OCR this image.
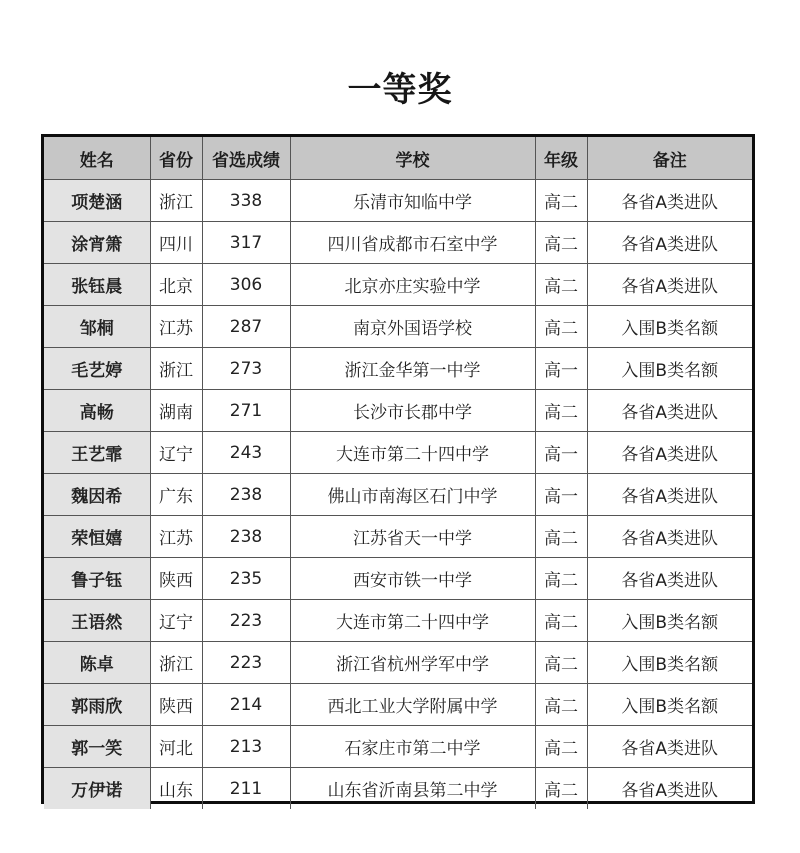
一等奖
姓名	省份	省选成绩	学校	年级	备注
项楚涵	浙江	338	乐清市知临中学	高二	各省A类进队
涂宵箫	四川	317	四川省成都市石室中学	高二	各省A类进队
张钰晨	北京	306	北京亦庄实验中学	高二	各省A类进队
邹桐	江苏	287	南京外国语学校	高二	入围B类名额
毛艺婷	浙江	273	浙江金华第一中学	高一	入围B类名额
高畅	湖南	271	长沙市长郡中学	高二	各省A类进队
王艺霏	辽宁	243	大连市第二十四中学	高一	各省A类进队
魏因希	广东	238	佛山市南海区石门中学	高一	各省A类进队
荣恒嬉	江苏	238	江苏省天一中学	高二	各省A类进队
鲁子钰	陕西	235	西安市铁一中学	高二	各省A类进队
王语然	辽宁	223	大连市第二十四中学	高二	入围B类名额
陈卓	浙江	223	浙江省杭州学军中学	高二	入围B类名额
郭雨欣	陕西	214	西北工业大学附属中学	高二	入围B类名额
郭一笑	河北	213	石家庄市第二中学	高二	各省A类进队
万伊诺	山东	211	山东省沂南县第二中学	高二	各省A类进队
